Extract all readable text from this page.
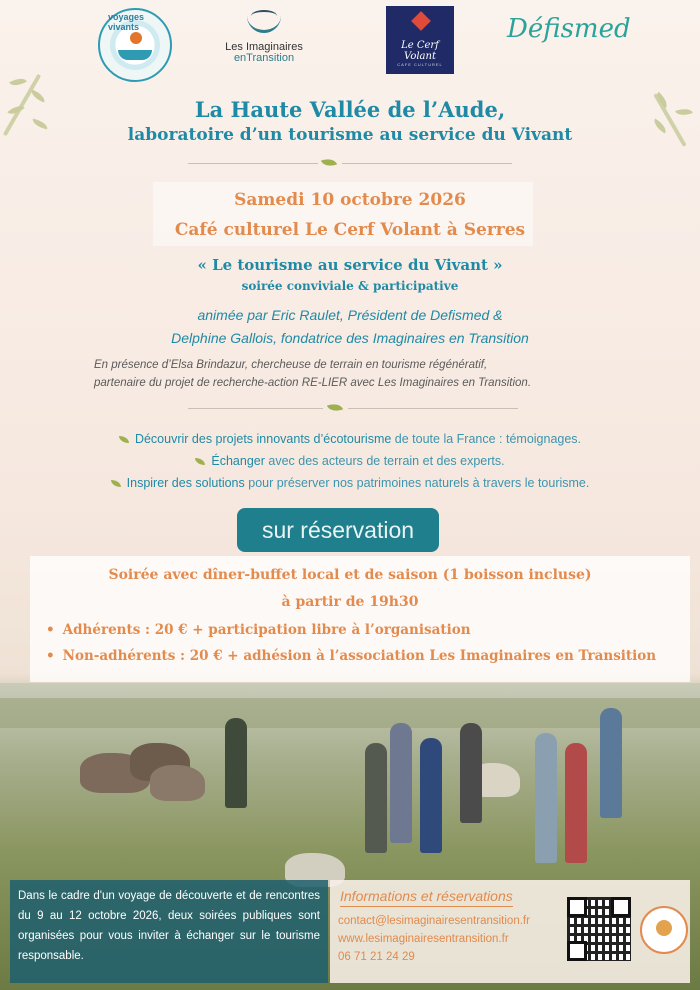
voyages vivants
Les Imaginaires
enTransition
Le Cerf Volant
CAFE CULTUREL
Défismed
La Haute Vallée de l’Aude,
laboratoire d’un tourisme au service du Vivant
Samedi 10 octobre 2026
Café culturel Le Cerf Volant à Serres
« Le tourisme au service du Vivant »
soirée conviviale & participative
animée par Eric Raulet, Président de Defismed &
Delphine Gallois, fondatrice des Imaginaires en Transition
En présence d’Elsa Brindazur, chercheuse de terrain en tourisme régénératif,
partenaire du projet de recherche-action RE-LIER avec Les Imaginaires en Transition.
Découvrir des projets innovants d’écotourisme de toute la France : témoignages.
Échanger avec des acteurs de terrain et des experts.
Inspirer des solutions pour préserver nos patrimoines naturels à travers le tourisme.
sur réservation
Soirée avec dîner-buffet local et de saison (1 boisson incluse)
à partir de 19h30
• Adhérents : 20 € + participation libre à l’organisation
• Non-adhérents : 20 € + adhésion à l’association Les Imaginaires en Transition
Dans le cadre d'un voyage de découverte et de rencontres du 9 au 12 octobre 2026, deux soirées publiques sont organisées pour vous inviter à échanger sur le tourisme responsable.
Informations et réservations
contact@lesimaginairesentransition.fr
www.lesimaginairesentransition.fr
06 71 21 24 29
